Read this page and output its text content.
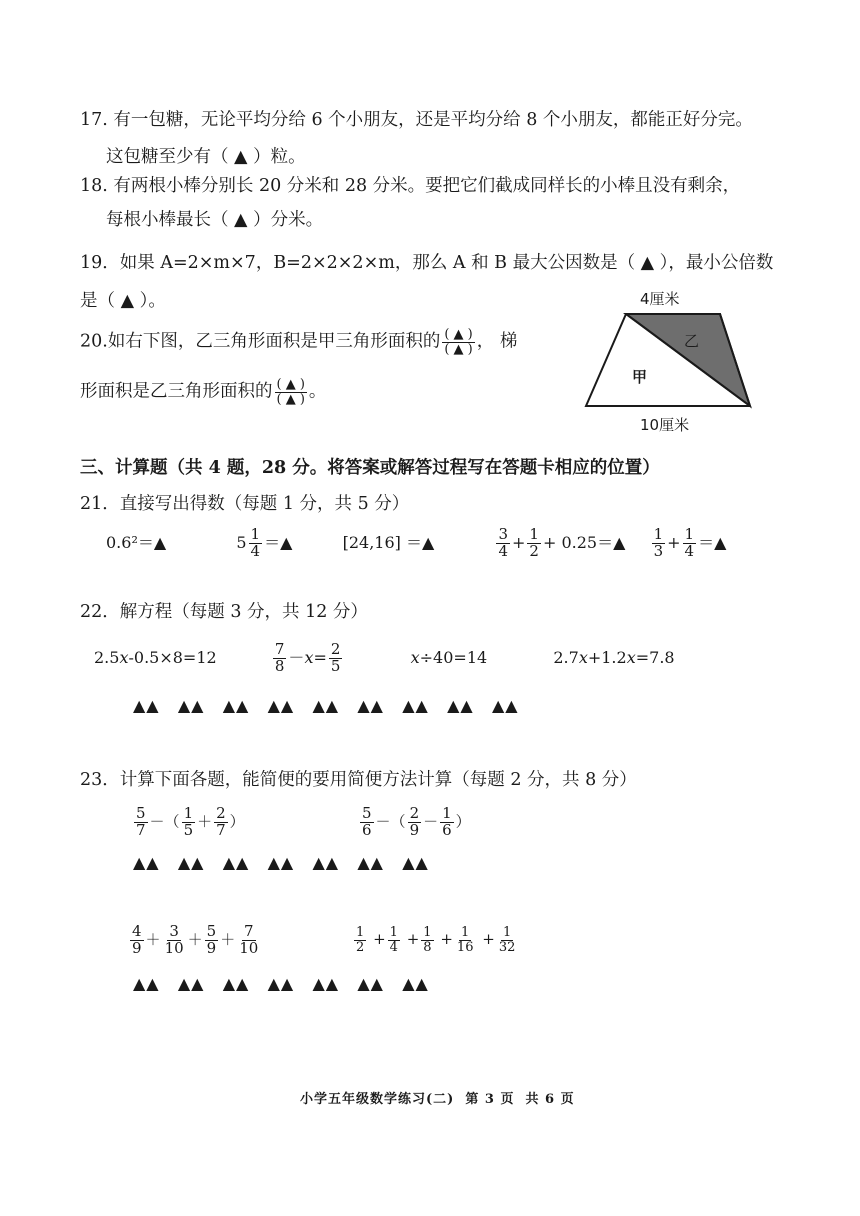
17. 有一包糖，无论平均分给 6 个小朋友，还是平均分给 8 个小朋友，都能正好分完。
这包糖至少有（ ▲ ）粒。
18. 有两根小棒分别长 20 分米和 28 分米。要把它们截成同样长的小棒且没有剩余，
每根小棒最长（ ▲ ）分米。
19．如果 A=2×m×7，B=2×2×2×m，那么 A 和 B 最大公因数是（ ▲ ），最小公倍数
是（ ▲ ）。
20.如右下图，乙三角形面积是甲三角形面积的 $\frac{( ▲ )}{( ▲ )}$ ， 梯
形面积是乙三角形面积的 $\frac{( ▲ )}{( ▲ )}$ 。
4厘米
乙
甲
10厘米
三、计算题（共 4 题，28 分。将答案或解答过程写在答题卡相应的位置）
21．直接写出得数（每题 1 分，共 5 分）
0.6²＝▲	$5 \frac{1}{4}$ ＝▲	[24,16] ＝▲	$\frac{3}{4} + \frac{1}{2}$ + 0.25＝▲ $\frac{1}{3} + \frac{1}{4}$ ＝▲
22．解方程（每题 3 分，共 12 分）
2.5x-0.5×8=12	$\frac{7}{8} -x= \frac{2}{5}$	x÷40=14	2.7x+1.2x=7.8
▲▲   ▲▲   ▲▲   ▲▲   ▲▲   ▲▲   ▲▲   ▲▲   ▲▲
23．计算下面各题，能简便的要用简便方法计算（每题 2 分，共 8 分）
$\frac{5}{7}$ －（ $\frac{1}{5} + \frac{2}{7}$ ）	$\frac{5}{6}$ －（ $\frac{2}{9} - \frac{1}{6}$ ）
▲▲   ▲▲   ▲▲   ▲▲   ▲▲   ▲▲   ▲▲
$\frac{4}{9} + \frac{3}{10} + \frac{5}{9} + \frac{7}{10}$	$\frac{1}{2} + \frac{1}{4} + \frac{1}{8} + \frac{1}{16} + \frac{1}{32}$
▲▲   ▲▲   ▲▲   ▲▲   ▲▲   ▲▲   ▲▲
小学五年级数学练习(二)  第 3 页  共 6 页
